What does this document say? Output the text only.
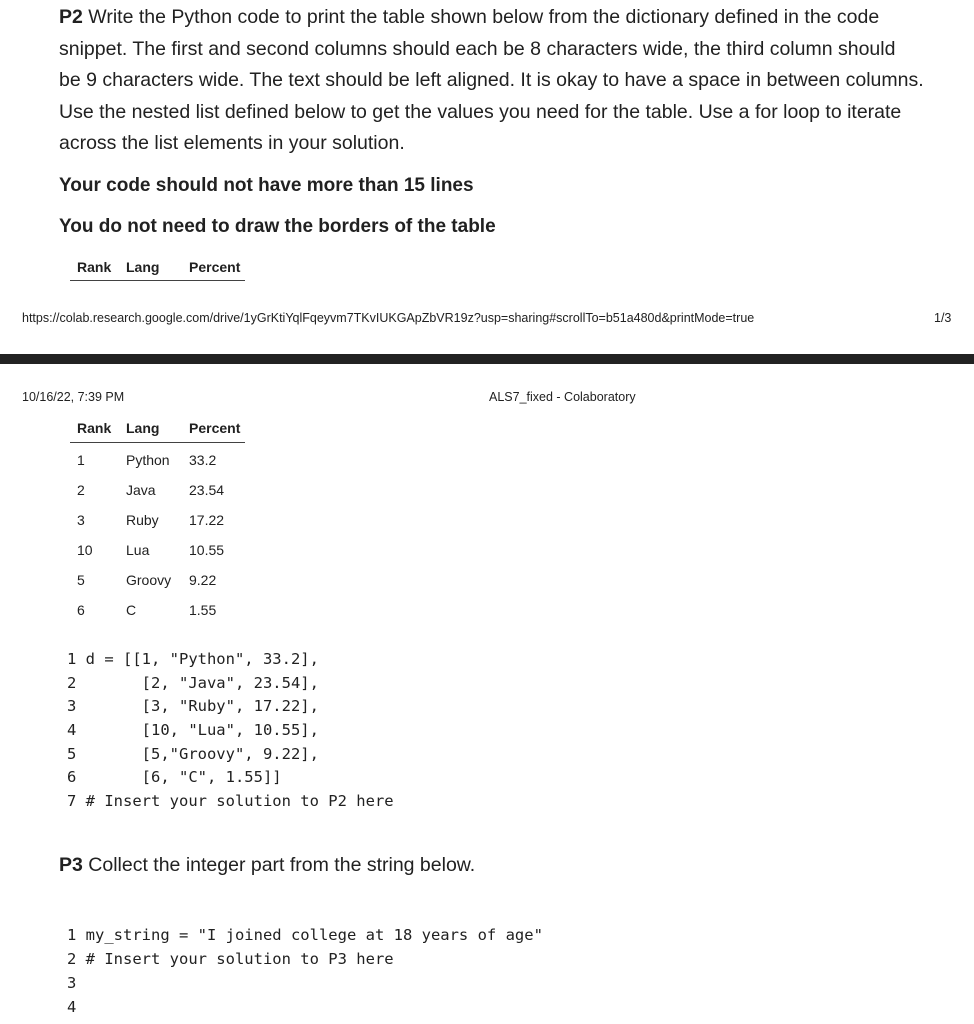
P2 Write the Python code to print the table shown below from the dictionary defined in the code
snippet. The first and second columns should each be 8 characters wide, the third column should
be 9 characters wide. The text should be left aligned. It is okay to have a space in between columns.
Use the nested list defined below to get the values you need for the table. Use a for loop to iterate
across the list elements in your solution.

Your code should not have more than 15 lines

You do not need to draw the borders of the table

Rank Lang Percent
https://colab.research.google.com/drive/1yGrKtiYqlFqeyvm7TKvIUKGApZbVR19z?usp=sharing#scrollTo=b51a480d&printMode=true	1/3
10/16/22, 7:39 PM	ALS7_fixed - Colaboratory
Rank Lang Percent
1	Python 33.2
2	Java 23.54
3	Ruby 17.22
10 Lua	10.55
5	Groovy 9.22
6	C	1.55
1 d = [[1, "Python", 33.2],
2       [2, "Java", 23.54],
3       [3, "Ruby", 17.22],
4       [10, "Lua", 10.55],
5       [5,"Groovy", 9.22],
6       [6, "C", 1.55]]
7 # Insert your solution to P2 here

P3 Collect the integer part from the string below.

1 my_string = "I joined college at 18 years of age"
2 # Insert your solution to P3 here
3
4
